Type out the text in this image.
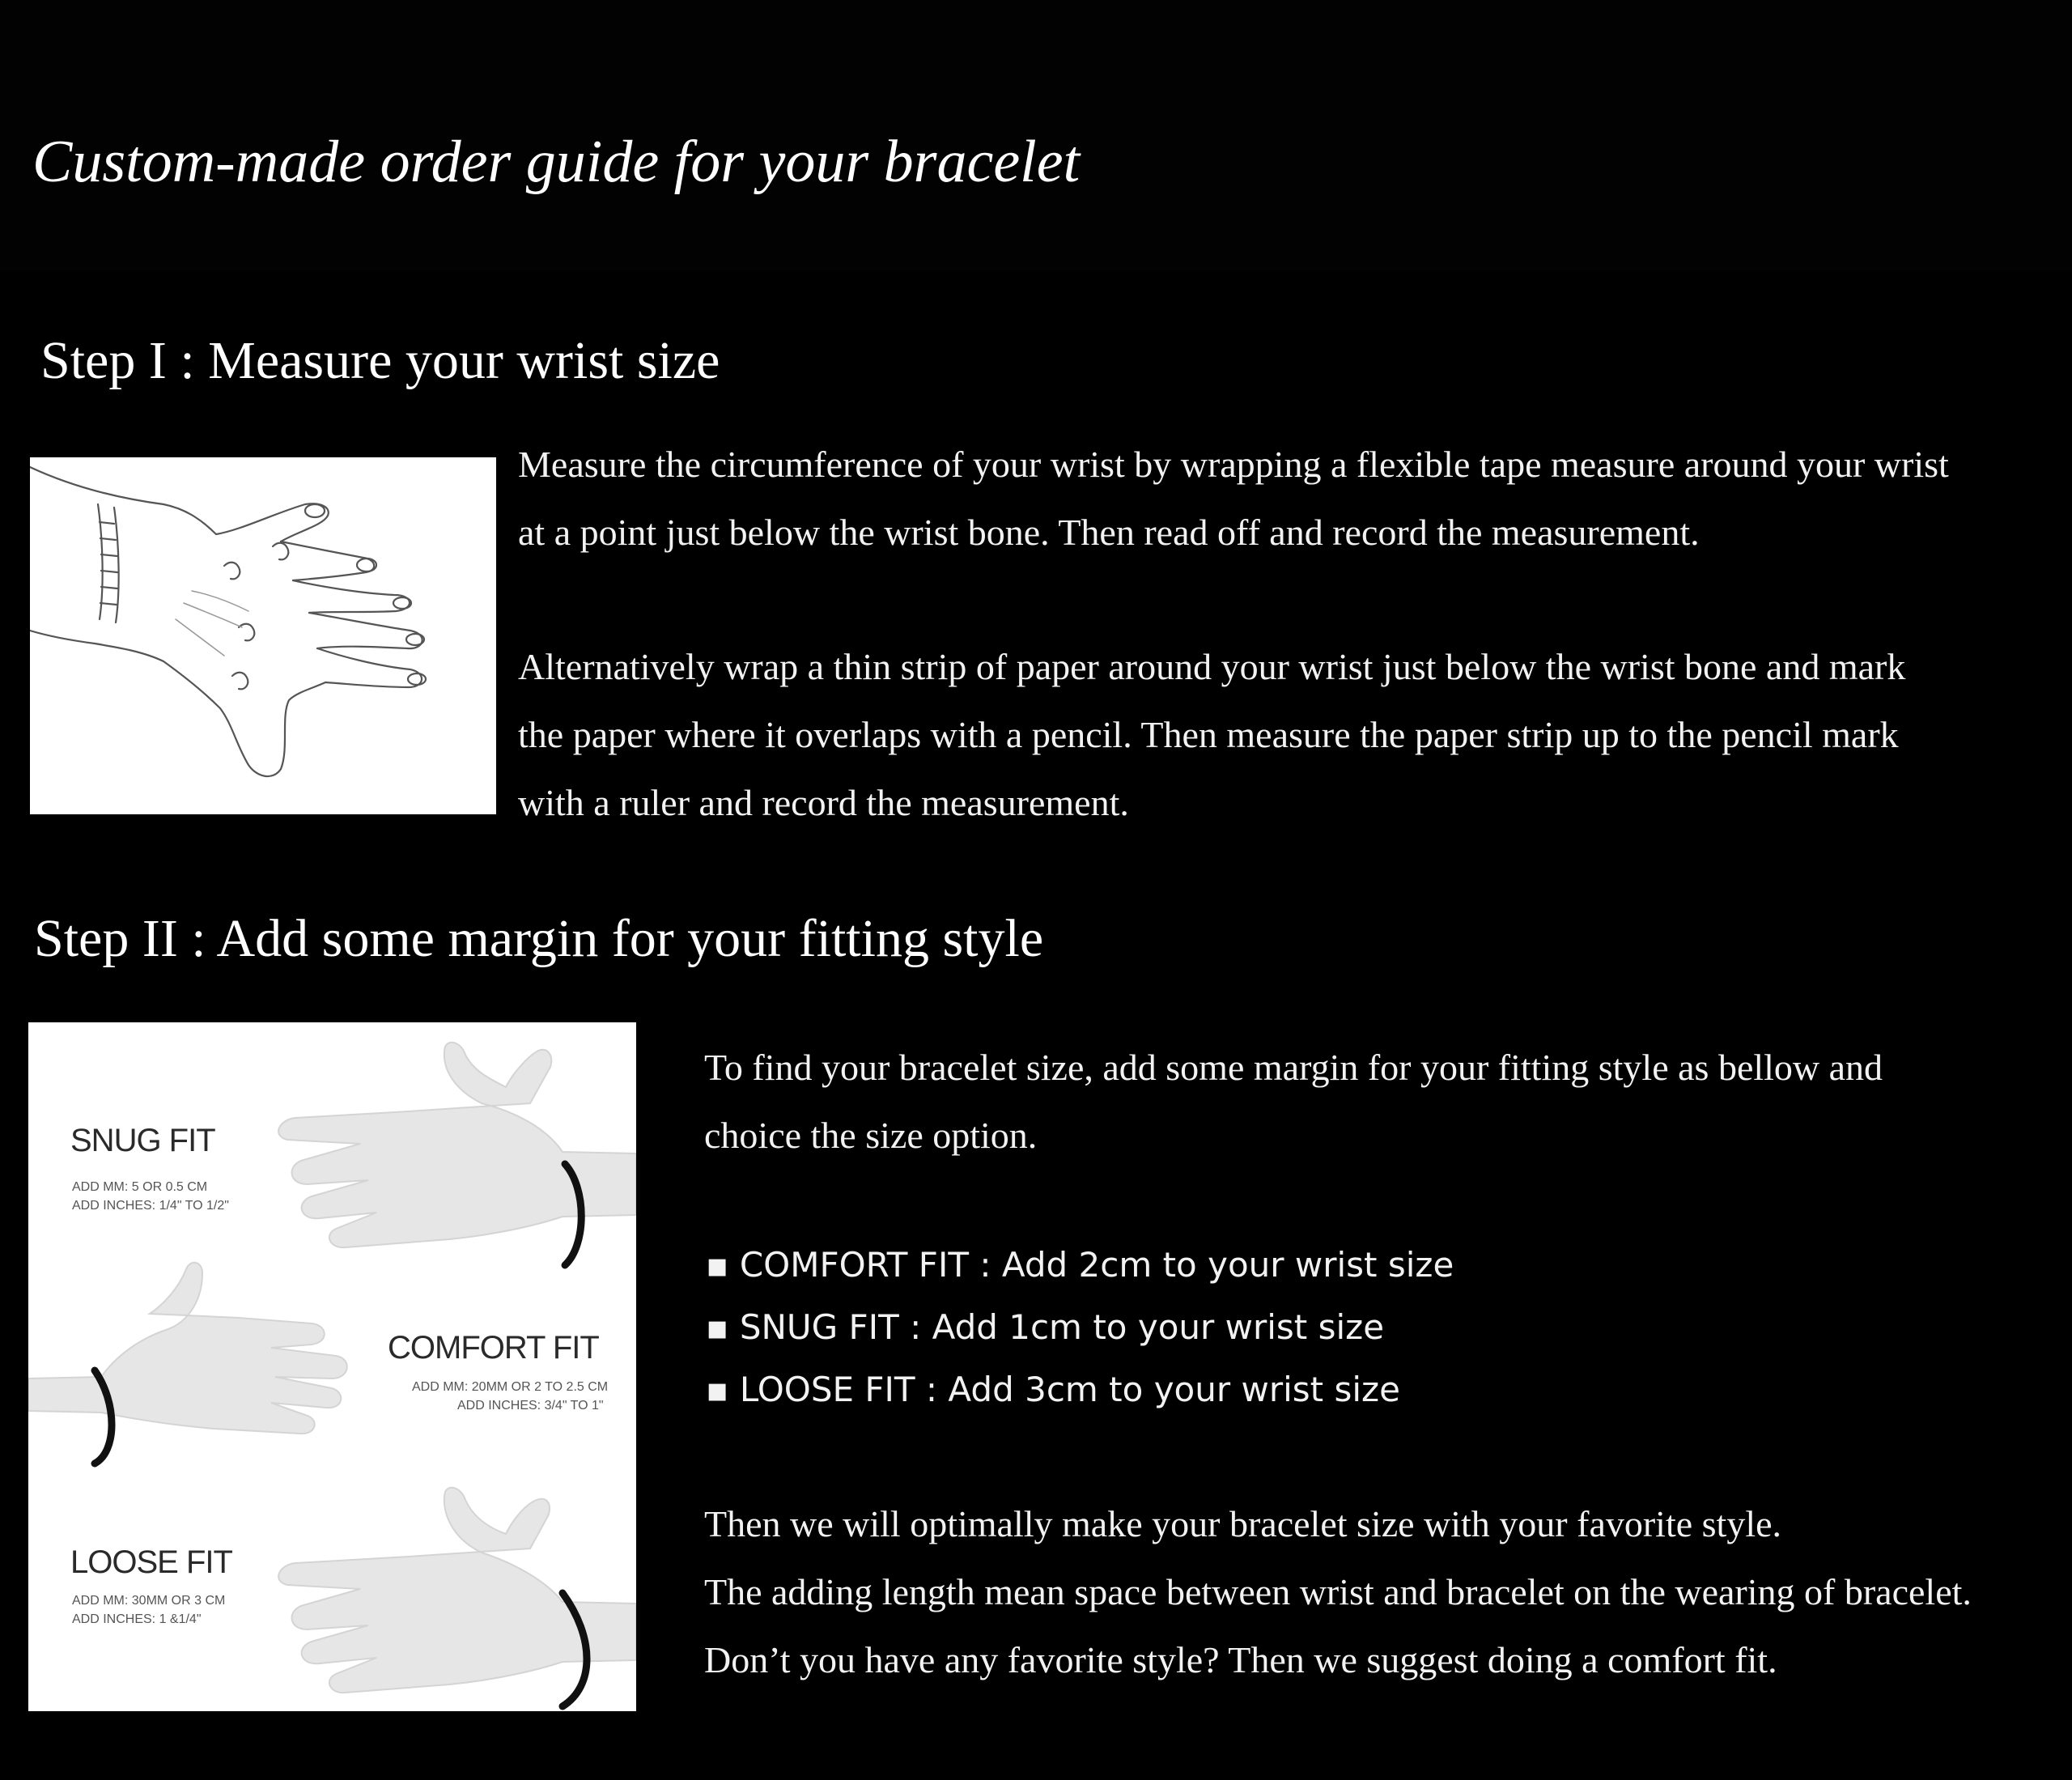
Custom-made order guide for your bracelet
Step I : Measure your wrist size

Measure the circumference of your wrist by wrapping a flexible tape measure around your wrist
at a point just below the wrist bone. Then read off and record the measurement.

Alternatively wrap a thin strip of paper around your wrist just below the wrist bone and mark
the paper where it overlaps with a pencil. Then measure the paper strip up to the pencil mark
with a ruler and record the measurement.

Step II : Add some margin for your fitting style
SNUG FIT
ADD MM: 5 OR 0.5 CM
ADD INCHES: 1/4" TO 1/2"
COMFORT FIT
ADD MM: 20MM OR 2 TO 2.5 CM
ADD INCHES: 3/4" TO 1"
LOOSE FIT
ADD MM: 30MM OR 3 CM
ADD INCHES: 1 &1/4"

To find your bracelet size, add some margin for your fitting style as bellow and
choice the size option.

▪ COMFORT FIT : Add 2cm to your wrist size
▪ SNUG FIT : Add 1cm to your wrist size
▪ LOOSE FIT : Add 3cm to your wrist size

Then we will optimally make your bracelet size with your favorite style.
The adding length mean space between wrist and bracelet on the wearing of bracelet.
Don’t you have any favorite style? Then we suggest doing a comfort fit.
